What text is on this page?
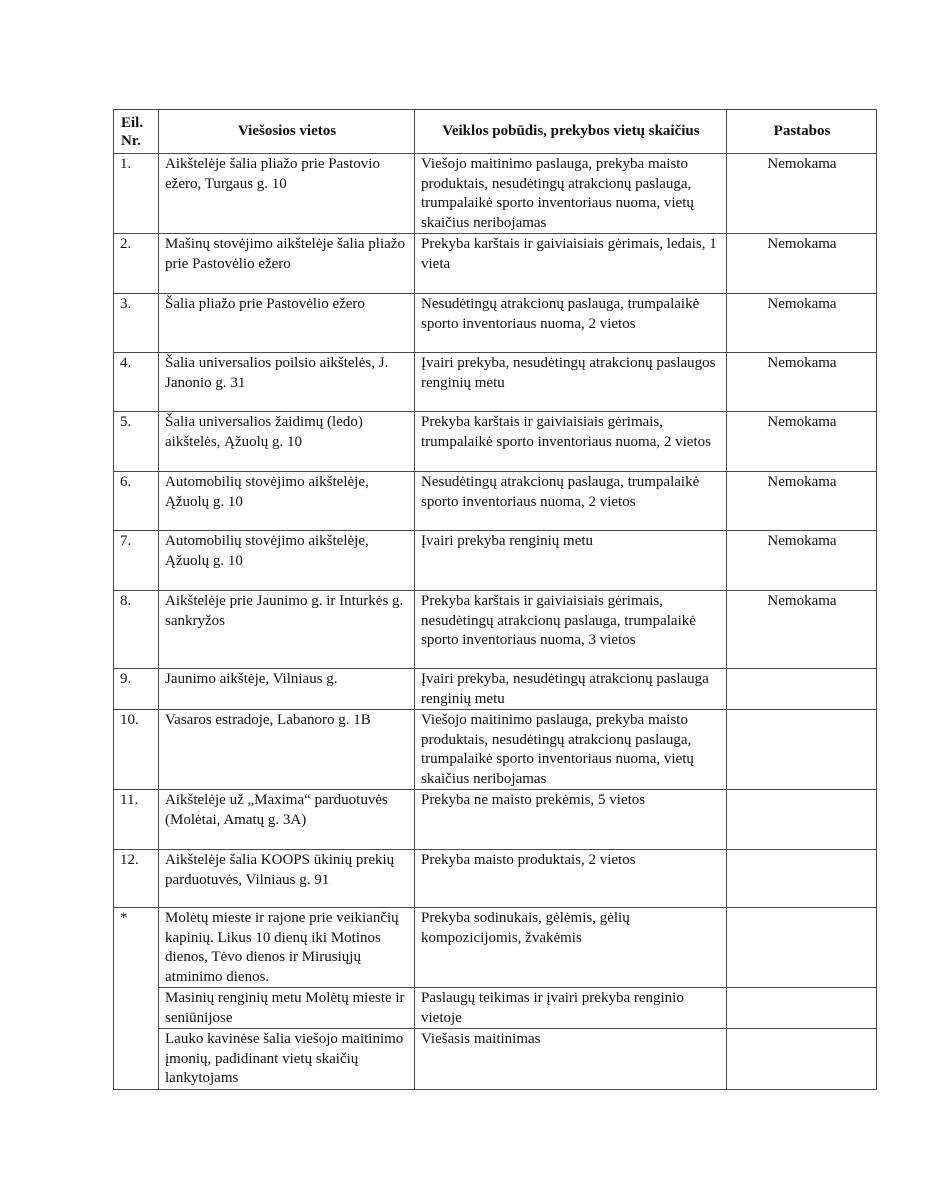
Eil.
Nr.	Viešosios vietos	Veiklos pobūdis, prekybos vietų skaičius	Pastabos
1.	Aikštelėje šalia pliažo prie Pastovio ežero, Turgaus g. 10	Viešojo maitinimo paslauga, prekyba maisto produktais, nesudėtingų atrakcionų paslauga, trumpalaikė sporto inventoriaus nuoma, vietų skaičius neribojamas	Nemokama
2.	Mašinų stovėjimo aikštelėje šalia pliažo prie Pastovėlio ežero	Prekyba karštais ir gaiviaisiais gėrimais, ledais, 1 vieta	Nemokama
3.	Šalia pliažo prie Pastovėlio ežero	Nesudėtingų atrakcionų paslauga, trumpalaikė sporto inventoriaus nuoma, 2 vietos	Nemokama
4.	Šalia universalios poilsio aikštelės, J. Janonio g. 31	Įvairi prekyba, nesudėtingų atrakcionų paslaugos renginių metu	Nemokama
5.	Šalia universalios žaidimų (ledo) aikštelės, Ąžuolų g. 10	Prekyba karštais ir gaiviaisiais gėrimais, trumpalaikė sporto inventoriaus nuoma, 2 vietos	Nemokama
6.	Automobilių stovėjimo aikštelėje, Ąžuolų g. 10	Nesudėtingų atrakcionų paslauga, trumpalaikė sporto inventoriaus nuoma, 2 vietos	Nemokama
7.	Automobilių stovėjimo aikštelėje, Ąžuolų g. 10	Įvairi prekyba renginių metu	Nemokama
8.	Aikštelėje prie Jaunimo g. ir Inturkės g. sankryžos	Prekyba karštais ir gaiviaisiais gėrimais, nesudėtingų atrakcionų paslauga, trumpalaikė sporto inventoriaus nuoma, 3 vietos	Nemokama
9.	Jaunimo aikštėje, Vilniaus g.	Įvairi prekyba, nesudėtingų atrakcionų paslauga renginių metu	
10.	Vasaros estradoje, Labanoro g. 1B	Viešojo maitinimo paslauga, prekyba maisto produktais, nesudėtingų atrakcionų paslauga, trumpalaikė sporto inventoriaus nuoma, vietų skaičius neribojamas	
11.	Aikštelėje už „Maxima“ parduotuvės (Molėtai, Amatų g. 3A)	Prekyba ne maisto prekėmis, 5 vietos	
12.	Aikštelėje šalia KOOPS ūkinių prekių parduotuvės, Vilniaus g. 91	Prekyba maisto produktais, 2 vietos	
*	Molėtų mieste ir rajone prie veikiančių kapinių. Likus 10 dienų iki Motinos dienos, Tėvo dienos ir Mirusiųjų atminimo dienos.	Prekyba sodinukais, gėlėmis, gėlių kompozicijomis, žvakėmis	
	Masinių renginių metu Molėtų mieste ir seniūnijose	Paslaugų teikimas ir įvairi prekyba renginio vietoje	
	Lauko kavinėse šalia viešojo maitinimo įmonių, padidinant vietų skaičių lankytojams	Viešasis maitinimas	
